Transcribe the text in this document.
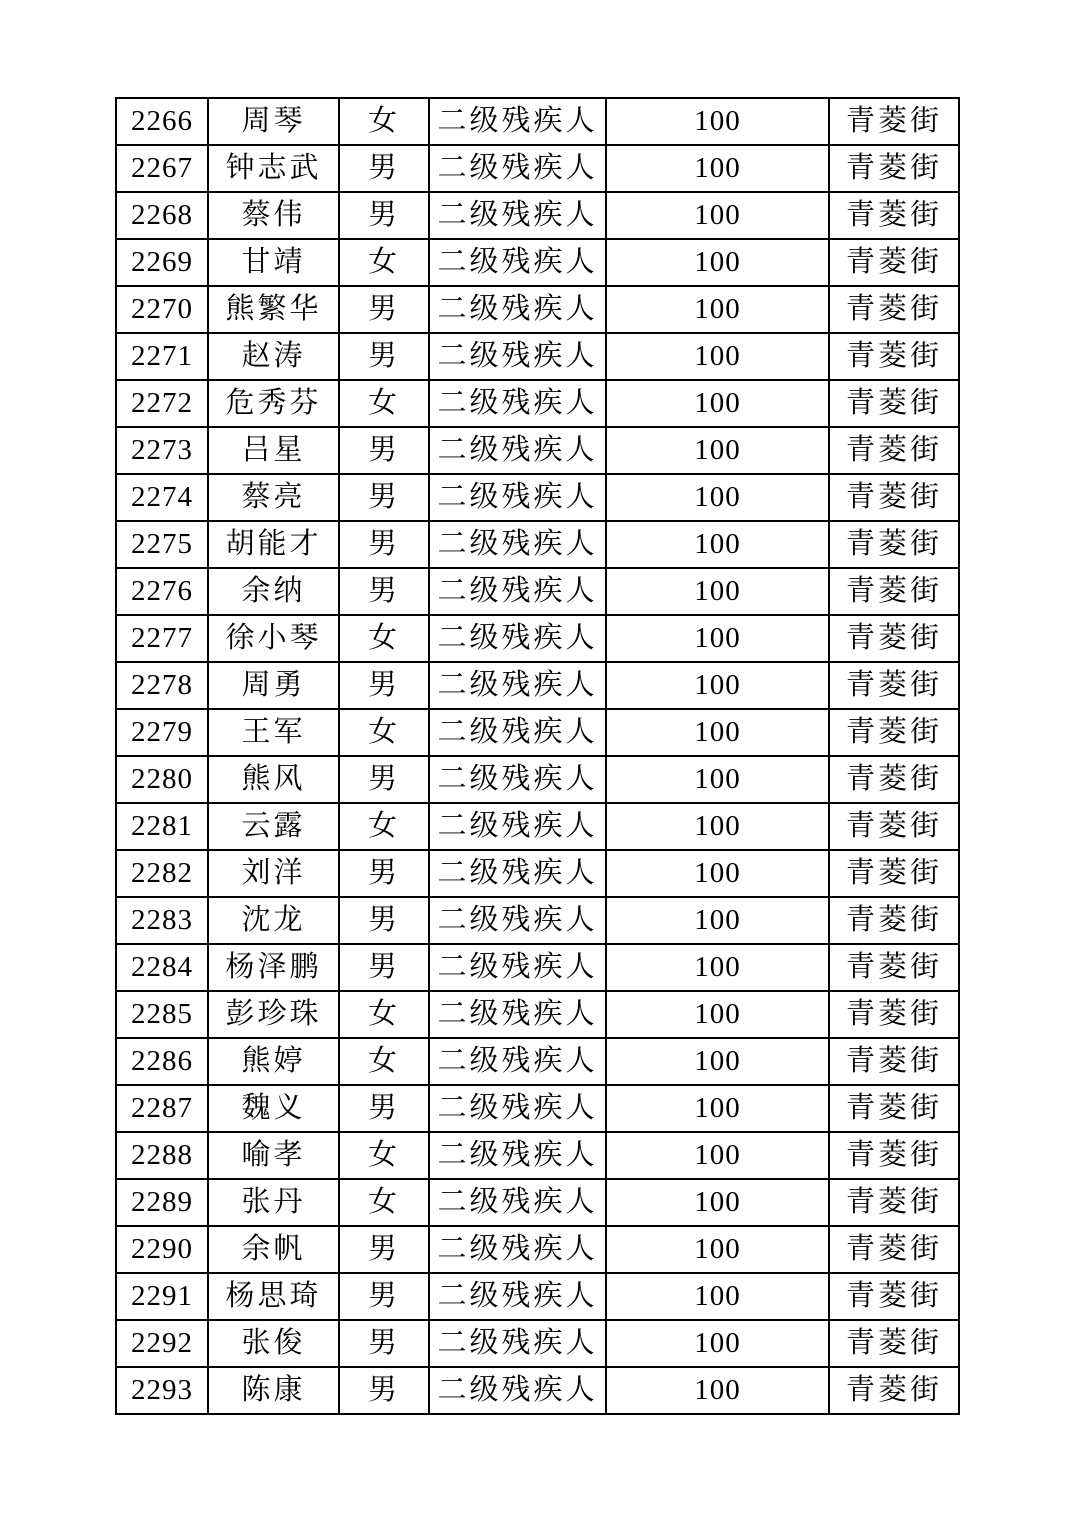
2266	周琴	女	二级残疾人	100	青菱街
2267	钟志武	男	二级残疾人	100	青菱街
2268	蔡伟	男	二级残疾人	100	青菱街
2269	甘靖	女	二级残疾人	100	青菱街
2270	熊繁华	男	二级残疾人	100	青菱街
2271	赵涛	男	二级残疾人	100	青菱街
2272	危秀芬	女	二级残疾人	100	青菱街
2273	吕星	男	二级残疾人	100	青菱街
2274	蔡亮	男	二级残疾人	100	青菱街
2275	胡能才	男	二级残疾人	100	青菱街
2276	余纳	男	二级残疾人	100	青菱街
2277	徐小琴	女	二级残疾人	100	青菱街
2278	周勇	男	二级残疾人	100	青菱街
2279	王军	女	二级残疾人	100	青菱街
2280	熊风	男	二级残疾人	100	青菱街
2281	云露	女	二级残疾人	100	青菱街
2282	刘洋	男	二级残疾人	100	青菱街
2283	沈龙	男	二级残疾人	100	青菱街
2284	杨泽鹏	男	二级残疾人	100	青菱街
2285	彭珍珠	女	二级残疾人	100	青菱街
2286	熊婷	女	二级残疾人	100	青菱街
2287	魏义	男	二级残疾人	100	青菱街
2288	喻孝	女	二级残疾人	100	青菱街
2289	张丹	女	二级残疾人	100	青菱街
2290	余帆	男	二级残疾人	100	青菱街
2291	杨思琦	男	二级残疾人	100	青菱街
2292	张俊	男	二级残疾人	100	青菱街
2293	陈康	男	二级残疾人	100	青菱街
